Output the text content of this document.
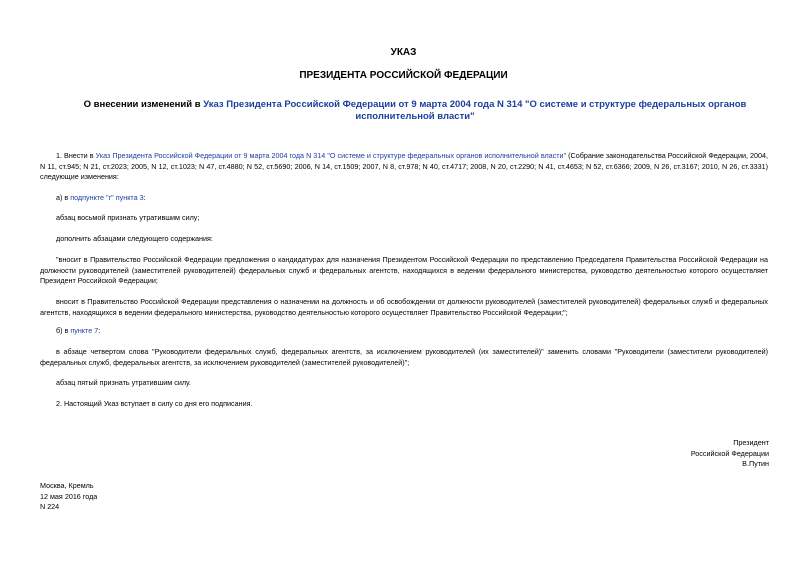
УКАЗ
ПРЕЗИДЕНТА РОССИЙСКОЙ ФЕДЕРАЦИИ
О внесении изменений в Указ Президента Российской Федерации от 9 марта 2004 года N 314 "О системе и структуре федеральных органов исполнительной власти"
1. Внести в Указ Президента Российской Федерации от 9 марта 2004 года N 314 "О системе и структуре федеральных органов исполнительной власти" (Собрание законодательства Российской Федерации, 2004, N 11, ст.945; N 21, ст.2023; 2005, N 12, ст.1023; N 47, ст.4880; N 52, ст.5690; 2006, N 14, ст.1509; 2007, N 8, ст.978; N 40, ст.4717; 2008, N 20, ст.2290; N 41, ст.4653; N 52, ст.6366; 2009, N 26, ст.3167; 2010, N 26, ст.3331) следующие изменения:
а) в подпункте "г" пункта 3:
абзац восьмой признать утратившим силу;
дополнить абзацами следующего содержания:
"вносит в Правительство Российской Федерации предложения о кандидатурах для назначения Президентом Российской Федерации по представлению Председателя Правительства Российской Федерации на должности руководителей (заместителей руководителей) федеральных служб и федеральных агентств, находящихся в ведении федерального министерства, руководство деятельностью которого осуществляет Президент Российской Федерации;
вносит в Правительство Российской Федерации представления о назначении на должность и об освобождении от должности руководителей (заместителей руководителей) федеральных служб и федеральных агентств, находящихся в ведении федерального министерства, руководство деятельностью которого осуществляет Правительство Российской Федерации;";
б) в пункте 7:
в абзаце четвертом слова "Руководители федеральных служб, федеральных агентств, за исключением руководителей (их заместителей)" заменить словами "Руководители (заместители руководителей) федеральных служб, федеральных агентств, за исключением руководителей (заместителей руководителей)";
абзац пятый признать утратившим силу.
2. Настоящий Указ вступает в силу со дня его подписания.
Президент
Российской Федерации
В.Путин
Москва, Кремль
12 мая 2016 года
N 224
